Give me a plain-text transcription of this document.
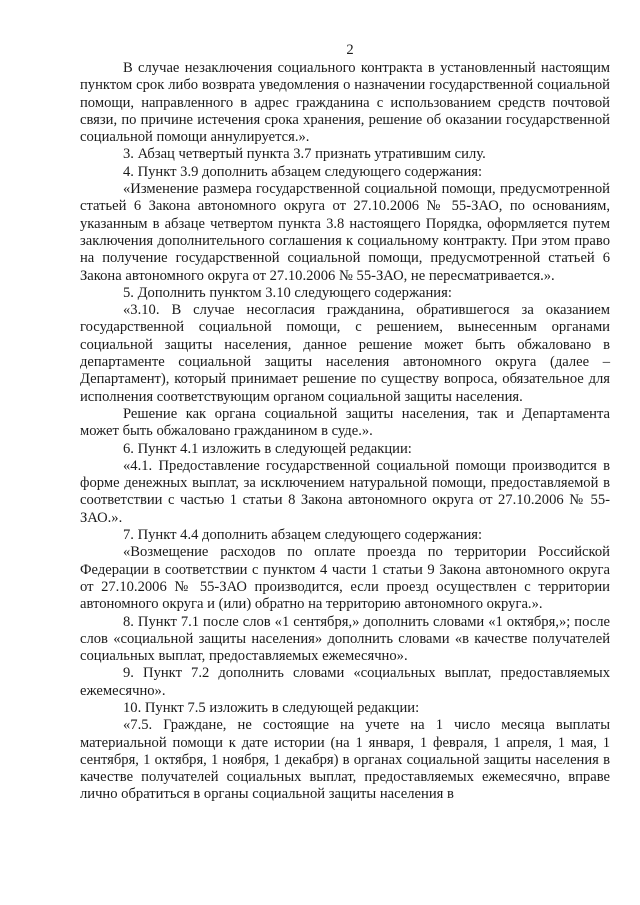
2

В случае незаключения социального контракта в установленный настоящим пунктом срок либо возврата уведомления о назначении государственной социальной помощи, направленного в адрес гражданина с использованием средств почтовой связи, по причине истечения срока хранения, решение об оказании государственной социальной помощи аннулируется.».

3. Абзац четвертый пункта 3.7 признать утратившим силу.

4. Пункт 3.9 дополнить абзацем следующего содержания:

«Изменение размера государственной социальной помощи, предусмотренной статьей 6 Закона автономного округа от 27.10.2006 № 55-ЗАО, по основаниям, указанным в абзаце четвертом пункта 3.8 настоящего Порядка, оформляется путем заключения дополнительного соглашения к социальному контракту. При этом право на получение государственной социальной помощи, предусмотренной статьей 6 Закона автономного округа от 27.10.2006 № 55-ЗАО, не пересматривается.».

5. Дополнить пунктом 3.10 следующего содержания:

«3.10. В случае несогласия гражданина, обратившегося за оказанием государственной социальной помощи, с решением, вынесенным органами социальной защиты населения, данное решение может быть обжаловано в департаменте социальной защиты населения автономного округа (далее – Департамент), который принимает решение по существу вопроса, обязательное для исполнения соответствующим органом социальной защиты населения.

Решение как органа социальной защиты населения, так и Департамента может быть обжаловано гражданином в суде.».

6. Пункт 4.1 изложить в следующей редакции:

«4.1. Предоставление государственной социальной помощи производится в форме денежных выплат, за исключением натуральной помощи, предоставляемой в соответствии с частью 1 статьи 8 Закона автономного округа от 27.10.2006 № 55-ЗАО.».

7. Пункт 4.4 дополнить абзацем следующего содержания:

«Возмещение расходов по оплате проезда по территории Российской Федерации в соответствии с пунктом 4 части 1 статьи 9 Закона автономного округа от 27.10.2006 № 55-ЗАО производится, если проезд осуществлен с территории автономного округа и (или) обратно на территорию автономного округа.».

8. Пункт 7.1 после слов «1 сентября,» дополнить словами «1 октября,»; после слов «социальной защиты населения» дополнить словами «в качестве получателей социальных выплат, предоставляемых ежемесячно».

9. Пункт 7.2 дополнить словами «социальных выплат, предоставляемых ежемесячно».

10. Пункт 7.5 изложить в следующей редакции:

«7.5. Граждане, не состоящие на учете на 1 число месяца выплаты материальной помощи к дате истории (на 1 января, 1 февраля, 1 апреля, 1 мая, 1 сентября, 1 октября, 1 ноября, 1 декабря) в органах социальной защиты населения в качестве получателей социальных выплат, предоставляемых ежемесячно, вправе лично обратиться в органы социальной защиты населения в
